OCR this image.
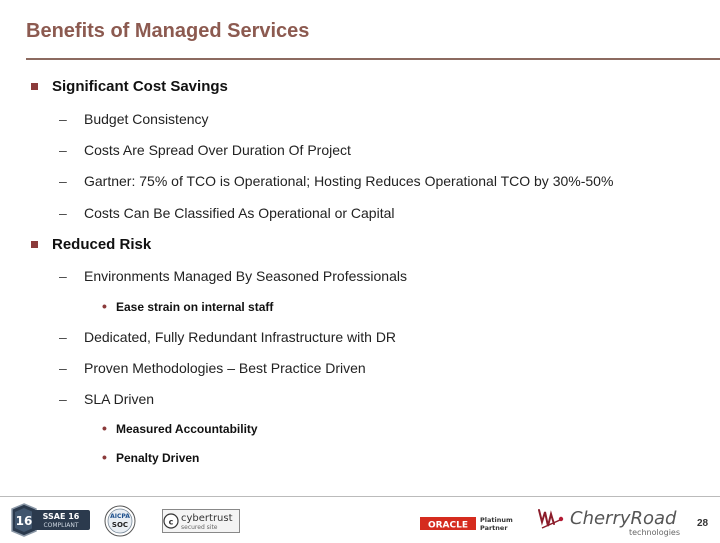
Benefits of Managed Services
Significant Cost Savings
– Budget Consistency
– Costs Are Spread Over Duration Of Project
– Gartner: 75% of TCO is Operational; Hosting Reduces Operational TCO by 30%-50%
– Costs Can Be Classified As Operational or Capital
Reduced Risk
– Environments Managed By Seasoned Professionals
• Ease strain on internal staff
– Dedicated, Fully Redundant Infrastructure with DR
– Proven Methodologies – Best Practice Driven
– SLA Driven
• Measured Accountability
• Penalty Driven
16 SSAE 16
COMPLIANT
AICPA
SOC	c cybertrust
secured site	ORACLE
Platinum
Partner	CherryRoad
technologies
28
